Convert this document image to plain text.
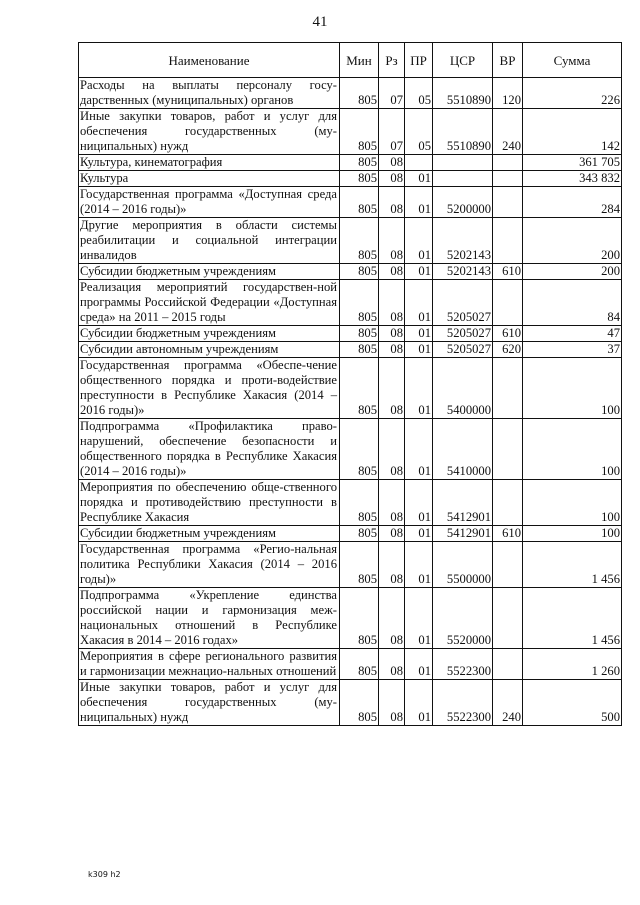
41
Наименование	Мин	Рз	ПР	ЦСР	ВР	Сумма
Расходы на выплаты персоналу госу-дарственных (муниципальных) органов	805	07	05	5510890	120	226
Иные закупки товаров, работ и услуг для обеспечения государственных (му-ниципальных) нужд	805	07	05	5510890	240	142
Культура, кинематография	805	08				361 705
Культура	805	08	01			343 832
Государственная программа «Доступная среда (2014 – 2016 годы)»	805	08	01	5200000		284
Другие мероприятия в области системы реабилитации и социальной интеграции инвалидов	805	08	01	5202143		200
Субсидии бюджетным учреждениям	805	08	01	5202143	610	200
Реализация мероприятий государствен-ной программы Российской Федерации «Доступная среда» на 2011 – 2015 годы	805	08	01	5205027		84
Субсидии бюджетным учреждениям	805	08	01	5205027	610	47
Субсидии автономным учреждениям	805	08	01	5205027	620	37
Государственная программа «Обеспе-чение общественного порядка и проти-водействие преступности в Республике Хакасия (2014 – 2016 годы)»	805	08	01	5400000		100
Подпрограмма «Профилактика право-нарушений, обеспечение безопасности и общественного порядка в Республике Хакасия (2014 – 2016 годы)»	805	08	01	5410000		100
Мероприятия по обеспечению обще-ственного порядка и противодействию преступности в Республике Хакасия	805	08	01	5412901		100
Субсидии бюджетным учреждениям	805	08	01	5412901	610	100
Государственная программа «Регио-нальная политика Республики Хакасия (2014 – 2016 годы)»	805	08	01	5500000		1 456
Подпрограмма «Укрепление единства российской нации и гармонизация меж-национальных отношений в Республике Хакасия в 2014 – 2016 годах»	805	08	01	5520000		1 456
Мероприятия в сфере регионального развития и гармонизации межнацио-нальных отношений	805	08	01	5522300		1 260
Иные закупки товаров, работ и услуг для обеспечения государственных (му-ниципальных) нужд	805	08	01	5522300	240	500
k309 h2
